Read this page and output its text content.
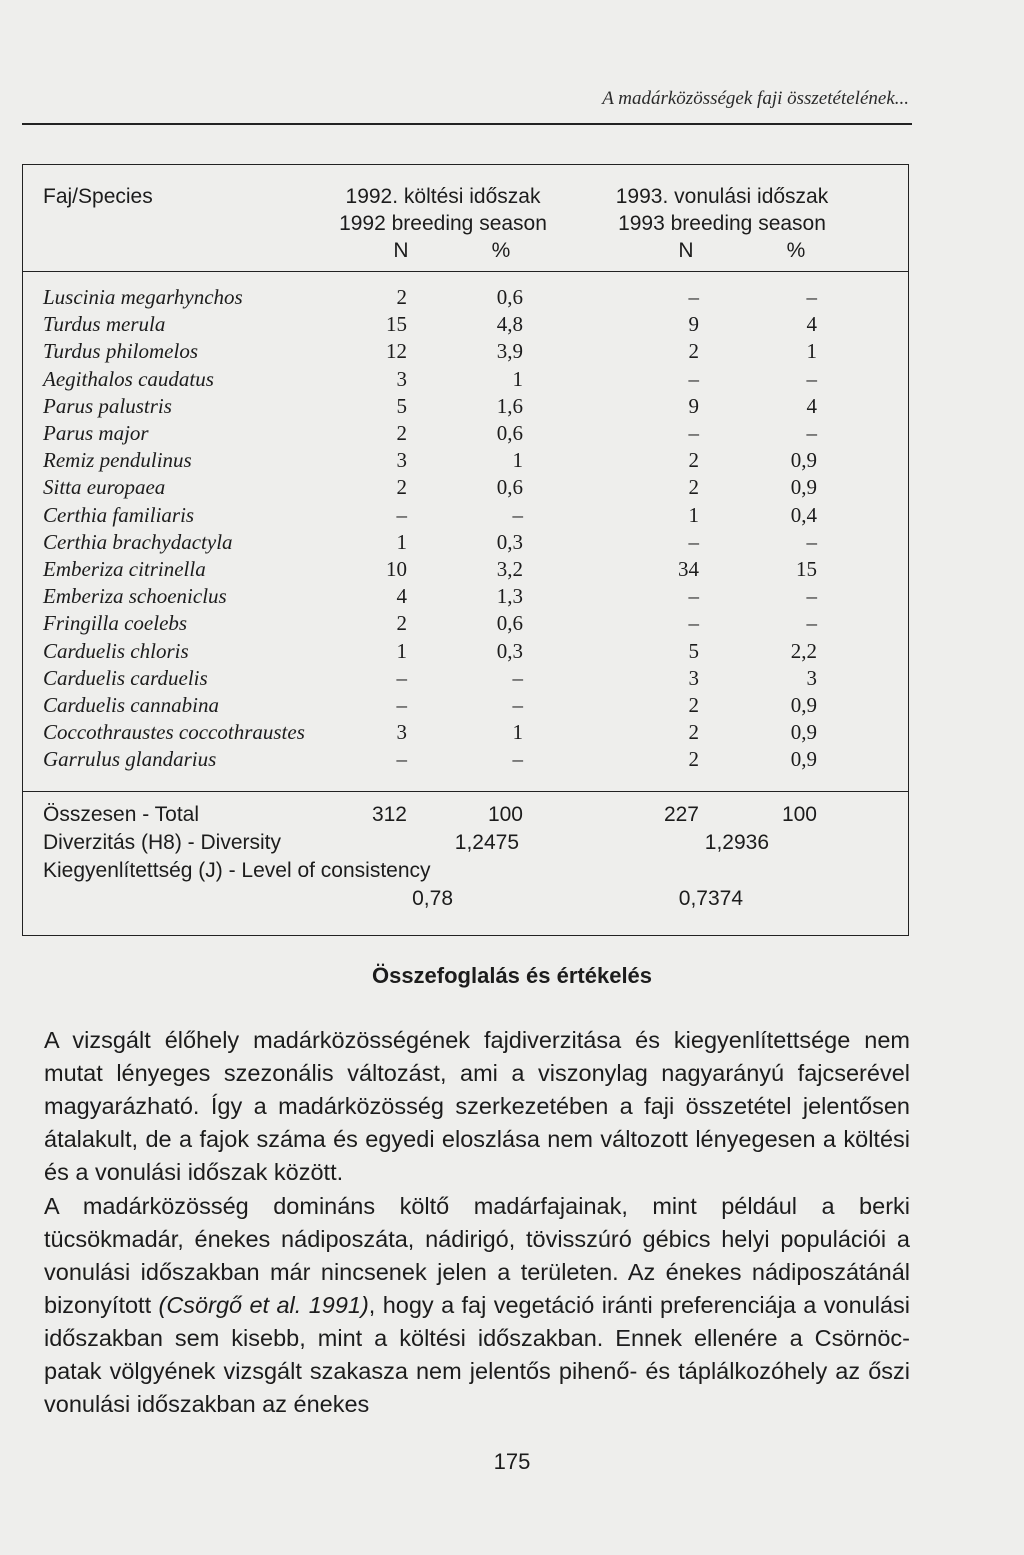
A madárközösségek faji összetételének...
Faj/Species	1992. költési időszak
1992 breeding season
1993. vonulási időszak
1993 breeding season
N	%	N	%
Luscinia megarhynchos	2	0,6	–	–
Turdus merula	15	4,8	9	4
Turdus philomelos	12	3,9	2	1
Aegithalos caudatus	3	1	–	–
Parus palustris	5	1,6	9	4
Parus major	2	0,6	–	–
Remiz pendulinus	3	1	2	0,9
Sitta europaea	2	0,6	2	0,9
Certhia familiaris	–	–	1	0,4
Certhia brachydactyla	1	0,3	–	–
Emberiza citrinella	10	3,2	34	15
Emberiza schoeniclus	4	1,3	–	–
Fringilla coelebs	2	0,6	–	–
Carduelis chloris	1	0,3	5	2,2
Carduelis carduelis	–	–	3	3
Carduelis cannabina	–	–	2	0,9
Coccothraustes coccothraustes	3	1	2	0,9
Garrulus glandarius	–	–	2	0,9
Összesen - Total	312	100	227	100
Diverzitás (H8) - Diversity	1,2475	1,2936
Kiegyenlítettség (J) - Level of consistency
0,78	0,7374
Összefoglalás és értékelés

A vizsgált élőhely madárközösségének fajdiverzitása és kiegyenlítettsége nem mutat lényeges szezonális változást, ami a viszonylag nagyarányú fajcserével magyarázható. Így a madárközösség szerkezetében a faji összetétel jelentősen átalakult, de a fajok száma és egyedi eloszlása nem változott lényegesen a költési és a vonulási időszak között.

A madárközösség domináns költő madárfajainak, mint például a berki tücsökmadár, énekes nádiposzáta, nádirigó, tövisszúró gébics helyi populációi a vonulási időszakban már nincsenek jelen a területen. Az énekes nádiposzátánál bizonyított (Csörgő et al. 1991), hogy a faj vegetáció iránti preferenciája a vonulási időszakban sem kisebb, mint a költési időszakban. Ennek ellenére a Csörnöc-patak völgyének vizsgált szakasza nem jelentős pihenő- és táplálkozóhely az őszi vonulási időszakban az énekes

175
